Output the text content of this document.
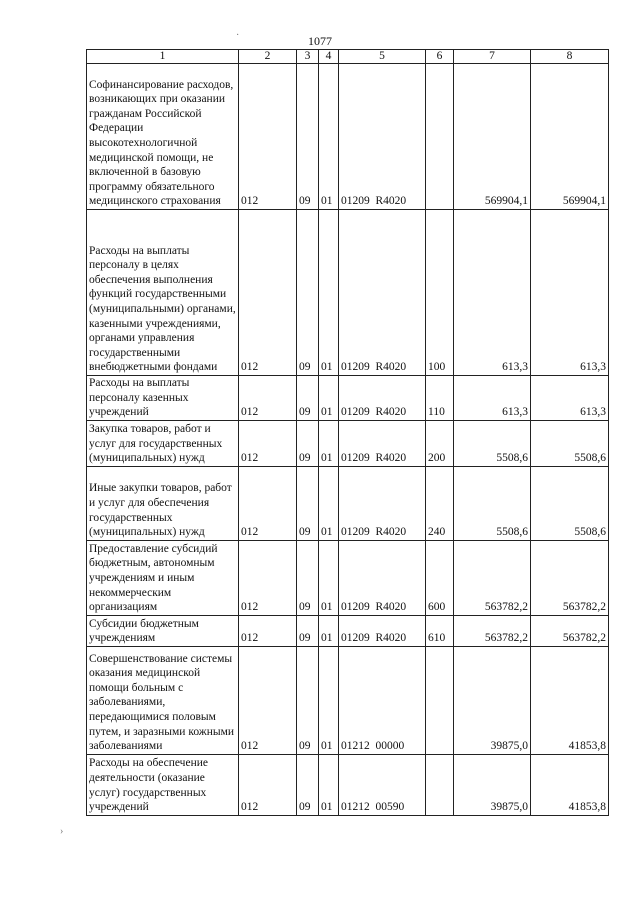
1077
1	2	3	4	5	6	7	8
Софинансирование расходов, возникающих при оказании гражданам Российской Федерации высокотехнологичной медицинской помощи, не включенной в базовую программу обязательного медицинского страхования	012	09	01	01209  R4020		569904,1	569904,1
Расходы на выплаты персоналу в целях обеспечения выполнения функций государственными (муниципальными) органами, казенными учреждениями, органами управления государственными внебюджетными фондами	012	09	01	01209  R4020	100	613,3	613,3
Расходы на выплаты персоналу казенных учреждений	012	09	01	01209  R4020	110	613,3	613,3
Закупка товаров, работ и услуг для государственных (муниципальных) нужд	012	09	01	01209  R4020	200	5508,6	5508,6
Иные закупки товаров, работ и услуг для обеспечения государственных (муниципальных) нужд	012	09	01	01209  R4020	240	5508,6	5508,6
Предоставление субсидий бюджетным, автономным учреждениям и иным некоммерческим организациям	012	09	01	01209  R4020	600	563782,2	563782,2
Субсидии бюджетным учреждениям	012	09	01	01209  R4020	610	563782,2	563782,2
Совершенствование системы оказания медицинской помощи больным с заболеваниями, передающимися половым путем, и заразными кожными заболеваниями	012	09	01	01212  00000		39875,0	41853,8
Расходы на обеспечение деятельности (оказание услуг) государственных учреждений	012	09	01	01212  00590		39875,0	41853,8
·
›
